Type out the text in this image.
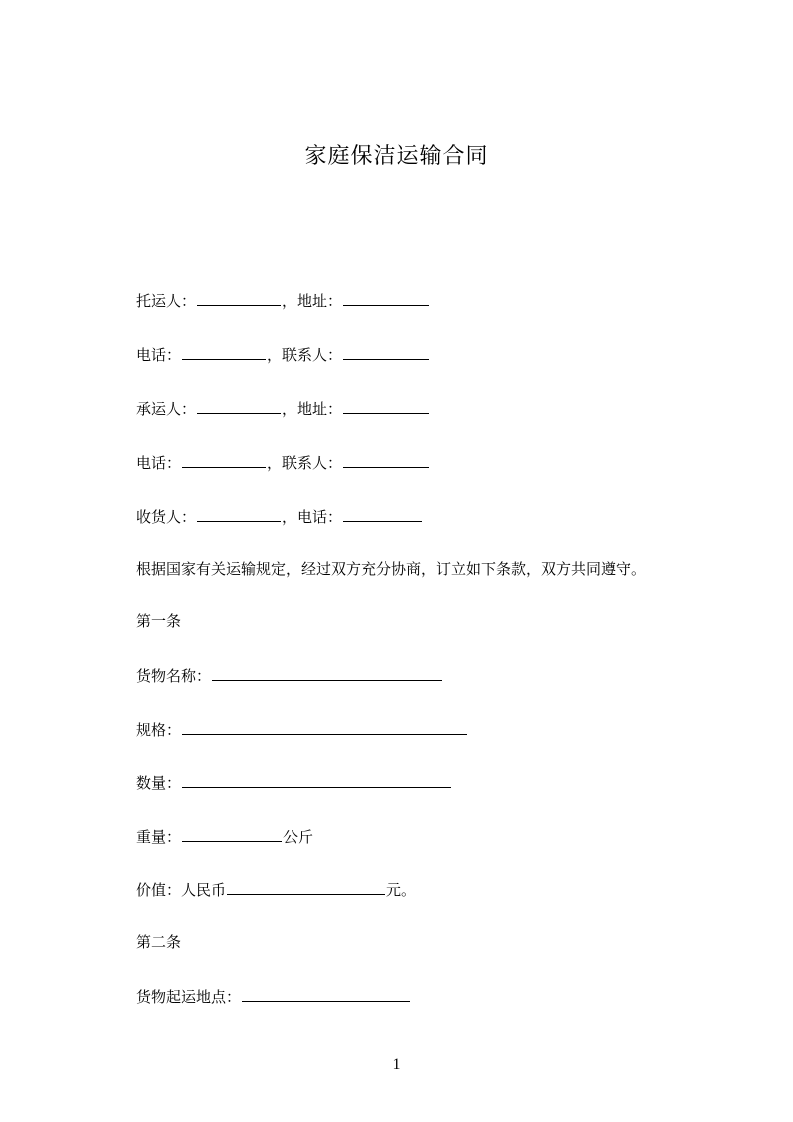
家庭保洁运输合同
托运人：	，地址：
电话：	，联系人：
承运人：	，地址：
电话：	，联系人：
收货人：	，电话：
根据国家有关运输规定，经过双方充分协商，订立如下条款，双方共同遵守。
第一条
货物名称：
规格：
数量：
重量：	公斤
价值：人民币	元。
第二条
货物起运地点：
1
